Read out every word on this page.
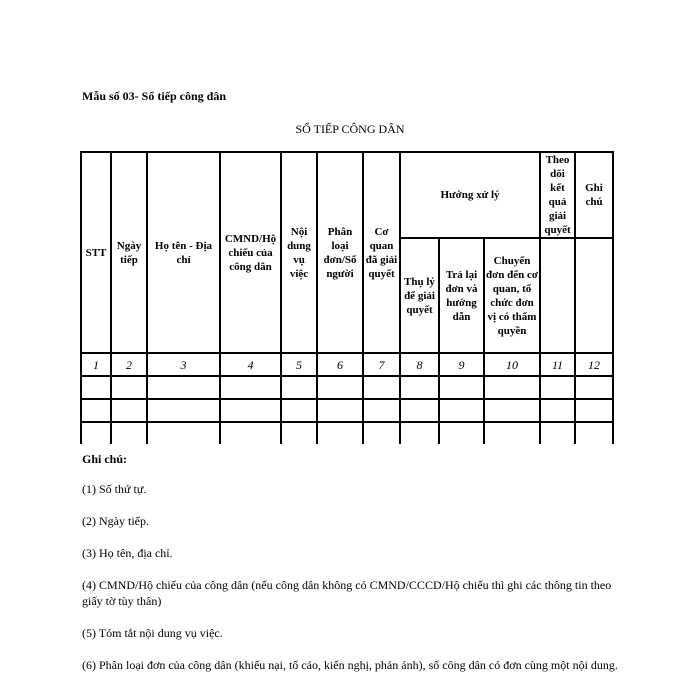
Mẫu số 03- Sổ tiếp công dân
SỔ TIẾP CÔNG DÂN
STT	Ngày tiếp	Họ tên - Địa chỉ	CMND/Hộ chiếu của công dân	Nội dung vụ việc	Phân loại đơn/Số người	Cơ quan đã giải quyết	Hướng xử lý			Theo dõi kết quả giải quyết	Ghi chú
							Thụ lý để giải quyết	Trả lại đơn và hướng dẫn	Chuyển đơn đến cơ quan, tổ chức đơn vị có thẩm quyền		
1	2	3	4	5	6	7	8	9	10	11	12

Ghi chú:

(1) Số thứ tự.

(2) Ngày tiếp.

(3) Họ tên, địa chỉ.

(4) CMND/Hộ chiếu của công dân (nếu công dân không có CMND/CCCD/Hộ chiếu thì ghi các thông tin theo giấy tờ tùy thân)

(5) Tóm tắt nội dung vụ việc.

(6) Phân loại đơn của công dân (khiếu nại, tố cáo, kiến nghị, phản ánh), số công dân có đơn cùng một nội dung.
